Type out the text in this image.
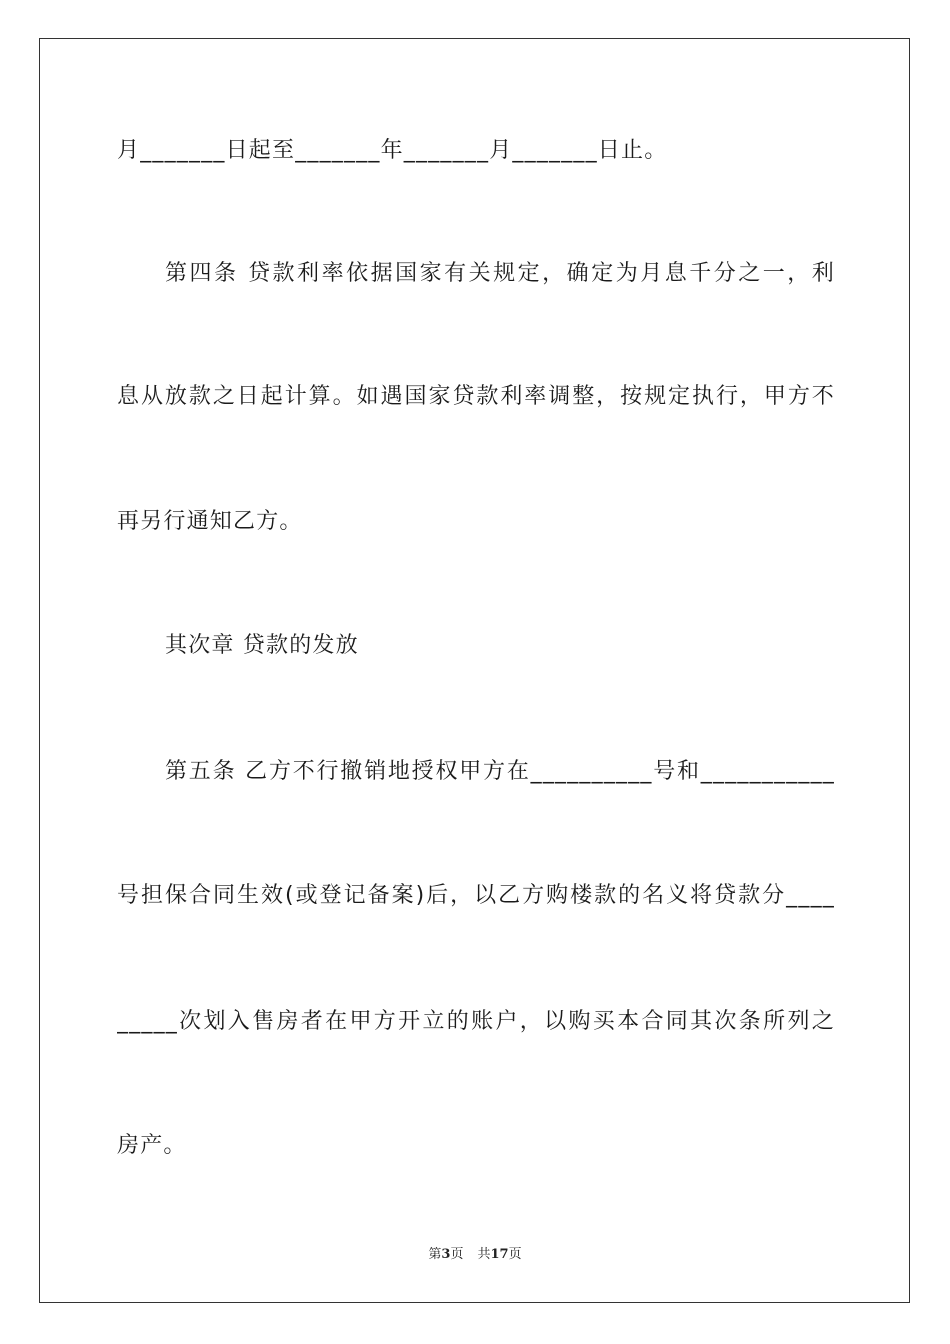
月_______日起至_______年_______月_______日止。
第四条 贷款利率依据国家有关规定，确定为月息千分之一，利
息从放款之日起计算。如遇国家贷款利率调整，按规定执行，甲方不
再另行通知乙方。
其次章 贷款的发放
第五条 乙方不行撤销地授权甲方在__________号和___________
号担保合同生效(或登记备案)后，以乙方购楼款的名义将贷款分____
_____次划入售房者在甲方开立的账户，以购买本合同其次条所列之
房产。
第3页 共17页
